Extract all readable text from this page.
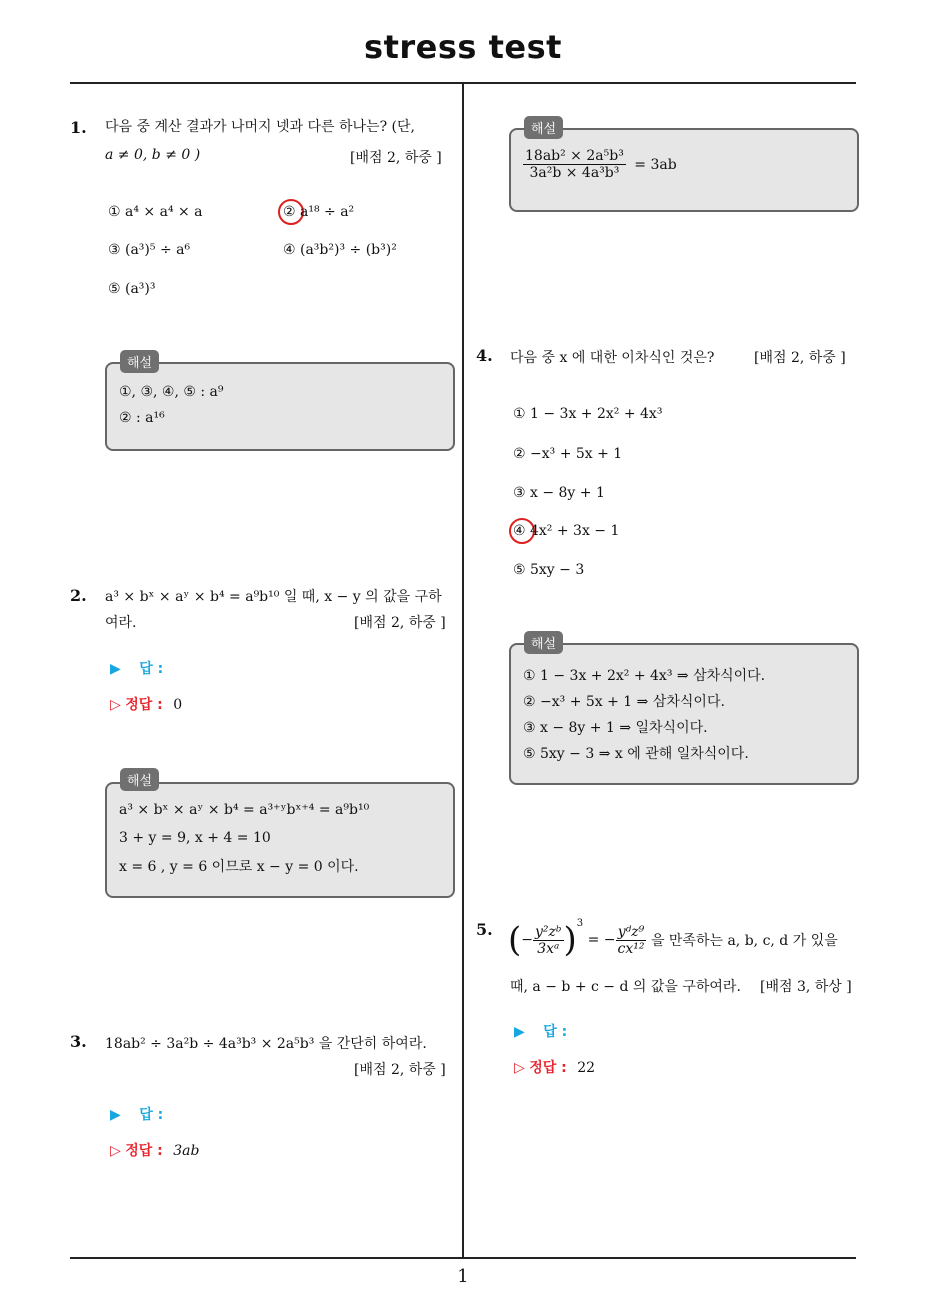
stress test
1
1. 다음 중 계산 결과가 나머지 넷과 다른 하나는? (단,
a ≠ 0, b ≠ 0 )	[배점 2, 하중 ]
① a⁴ × a⁴ × a	② a¹⁸ ÷ a²
③ (a³)⁵ ÷ a⁶	④ (a³b²)³ ÷ (b³)²
⑤ (a³)³
①, ③, ④, ⑤ : a⁹
② : a¹⁶
해설
2. a³ × bˣ × aʸ × b⁴ = a⁹b¹⁰ 일 때, x − y 의 값을 구하
여라.	[배점 2, 하중 ]
▶ 답 :
▷ 정답 : 0
a³ × bˣ × aʸ × b⁴ = a³⁺ʸbˣ⁺⁴ = a⁹b¹⁰
3 + y = 9, x + 4 = 10
x = 6 , y = 6 이므로 x − y = 0 이다.
해설
3. 18ab² ÷ 3a²b ÷ 4a³b³ × 2a⁵b³ 을 간단히 하여라.
[배점 2, 하중 ]
▶ 답 :
▷ 정답 : 3ab
$\frac{\text{18ab² × 2a⁵b³}}{\text{3a²b × 4a³b³}} = 3ab$
해설
4. 다음 중 x 에 대한 이차식인 것은?	[배점 2, 하중 ]
① 1 − 3x + 2x² + 4x³
② −x³ + 5x + 1
③ x − 8y + 1
④ 4x² + 3x − 1
⑤ 5xy − 3
① 1 − 3x + 2x² + 4x³ ⇒ 삼차식이다.
② −x³ + 5x + 1 ⇒ 삼차식이다.
③ x − 8y + 1 ⇒ 일차식이다.
⑤ 5xy − 3 ⇒ x 에 관해 일차식이다.
해설
5. (− $\frac{\text{y²zᵇ}}{\text{3xᵃ}} )^3$ = − $\frac{\text{yᵈz⁹}}{\text{cx¹²}}$ 을 만족하는 a, b, c, d 가 있을
때, a − b + c − d 의 값을 구하여라. [배점 3, 하상 ]
▶ 답 :
▷ 정답 : 22
